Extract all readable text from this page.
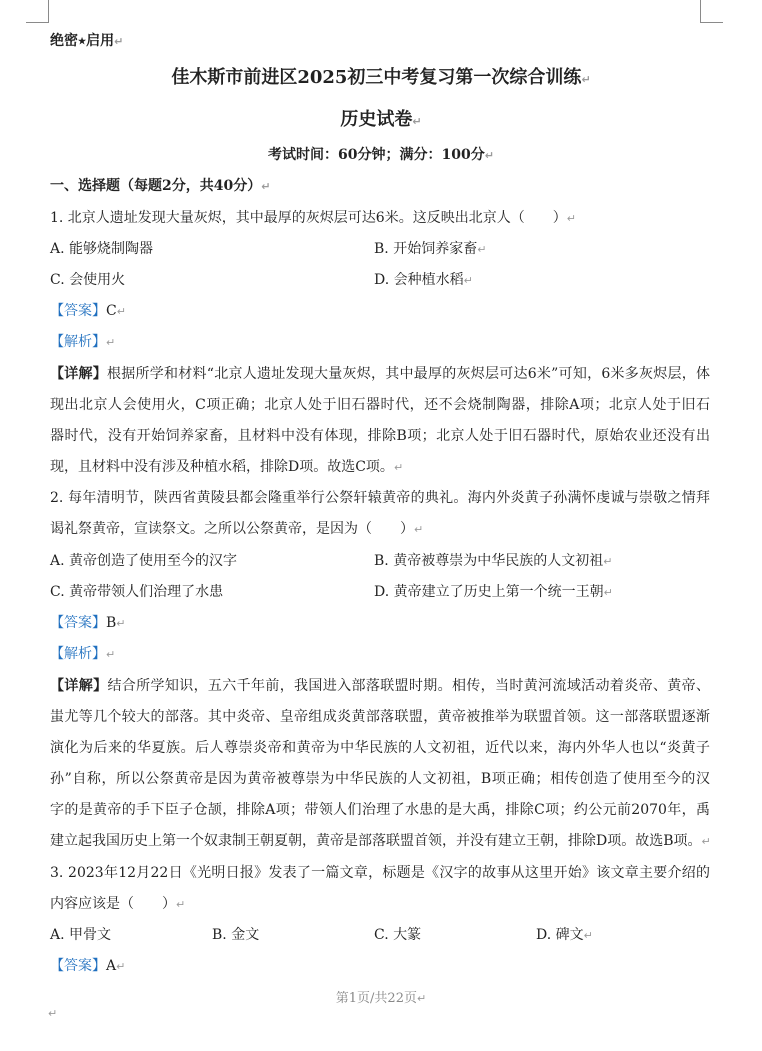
绝密★启用↵
佳木斯市前进区2025初三中考复习第一次综合训练↵
历史试卷↵
考试时间：60分钟；满分：100分↵
一、选择题（每题2分，共40分）↵
1. 北京人遗址发现大量灰烬，其中最厚的灰烬层可达6米。这反映出北京人（　　）↵
A. 能够烧制陶器	B. 开始饲养家畜↵
C. 会使用火	D. 会种植水稻↵
【答案】C↵
【解析】↵
【详解】根据所学和材料“北京人遗址发现大量灰烬，其中最厚的灰烬层可达6米”可知，6米多灰烬层，体
现出北京人会使用火，C项正确；北京人处于旧石器时代，还不会烧制陶器，排除A项；北京人处于旧石
器时代，没有开始饲养家畜，且材料中没有体现，排除B项；北京人处于旧石器时代，原始农业还没有出
现，且材料中没有涉及种植水稻，排除D项。故选C项。↵
2. 每年清明节，陕西省黄陵县都会隆重举行公祭轩辕黄帝的典礼。海内外炎黄子孙满怀虔诚与崇敬之情拜
谒礼祭黄帝，宣读祭文。之所以公祭黄帝，是因为（　　）↵
A. 黄帝创造了使用至今的汉字	B. 黄帝被尊崇为中华民族的人文初祖↵
C. 黄帝带领人们治理了水患	D. 黄帝建立了历史上第一个统一王朝↵
【答案】B↵
【解析】↵
【详解】结合所学知识，五六千年前，我国进入部落联盟时期。相传，当时黄河流域活动着炎帝、黄帝、
蚩尤等几个较大的部落。其中炎帝、皇帝组成炎黄部落联盟，黄帝被推举为联盟首领。这一部落联盟逐渐
演化为后来的华夏族。后人尊崇炎帝和黄帝为中华民族的人文初祖，近代以来，海内外华人也以“炎黄子
孙”自称，所以公祭黄帝是因为黄帝被尊崇为中华民族的人文初祖，B项正确；相传创造了使用至今的汉
字的是黄帝的手下臣子仓颉，排除A项；带领人们治理了水患的是大禹，排除C项；约公元前2070年，禹
建立起我国历史上第一个奴隶制王朝夏朝，黄帝是部落联盟首领，并没有建立王朝，排除D项。故选B项。↵
3. 2023年12月22日《光明日报》发表了一篇文章，标题是《汉字的故事从这里开始》该文章主要介绍的
内容应该是（　　）↵
A. 甲骨文	B. 金文	C. 大篆	D. 碑文↵
【答案】A↵
第1页/共22页↵
↵
